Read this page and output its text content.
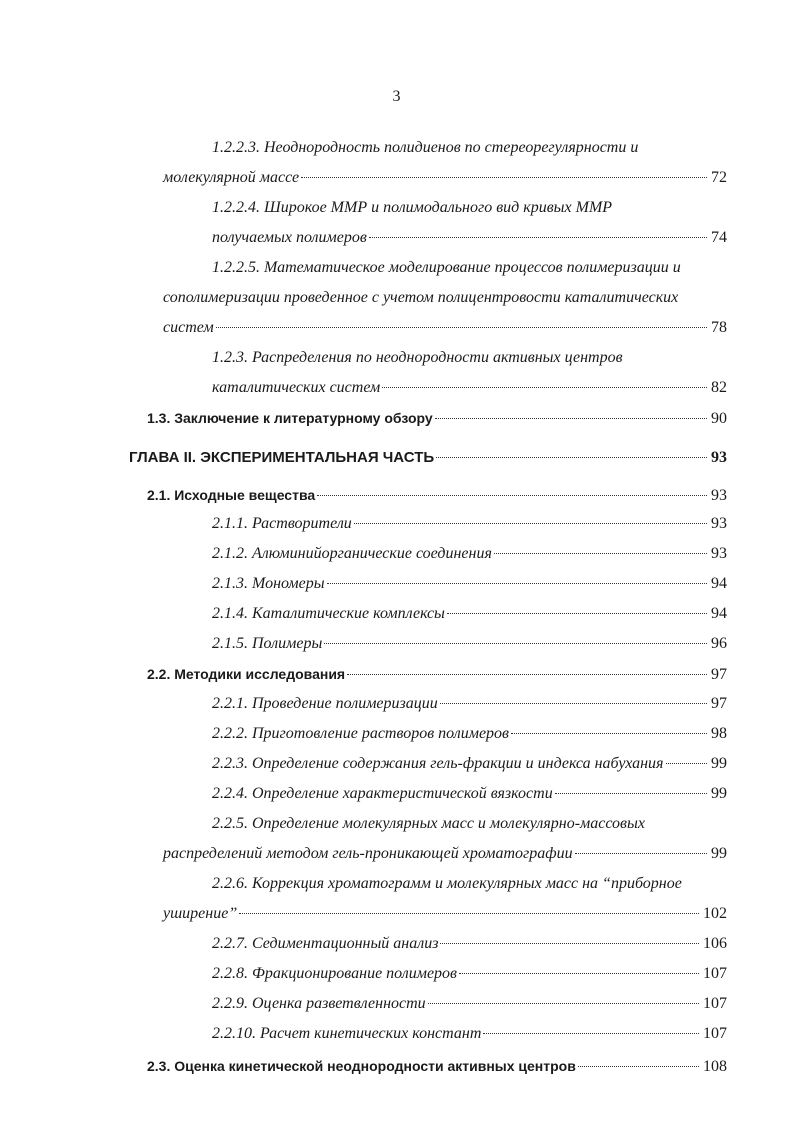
3
1.2.2.3. Неоднородность полидиенов по стереорегулярности и
молекулярной массе	72
1.2.2.4. Широкое ММР и полимодального вид кривых ММР
получаемых полимеров	74
1.2.2.5. Математическое моделирование процессов полимеризации и
сополимеризации проведенное с учетом полицентровости каталитических
систем	78
1.2.3. Распределения по неоднородности активных центров
каталитических систем	82
1.3. Заключение к литературному обзору	90
ГЛАВА II. ЭКСПЕРИМЕНТАЛЬНАЯ ЧАСТЬ	93
2.1. Исходные вещества	93
2.1.1. Растворители	93
2.1.2. Алюминийорганические соединения	93
2.1.3. Мономеры	94
2.1.4. Каталитические комплексы	94
2.1.5. Полимеры	96
2.2. Методики исследования	97
2.2.1. Проведение полимеризации	97
2.2.2. Приготовление растворов полимеров	98
2.2.3. Определение содержания гель-фракции и индекса набухания	99
2.2.4. Определение характеристической вязкости	99
2.2.5. Определение молекулярных масс и молекулярно-массовых
распределений методом гель-проникающей хроматографии	99
2.2.6. Коррекция хроматограмм и молекулярных масс на “приборное
уширение”	102
2.2.7. Седиментационный анализ	106
2.2.8. Фракционирование полимеров	107
2.2.9. Оценка разветвленности	107
2.2.10. Расчет кинетических констант	107
2.3. Оценка кинетической неоднородности активных центров	108
